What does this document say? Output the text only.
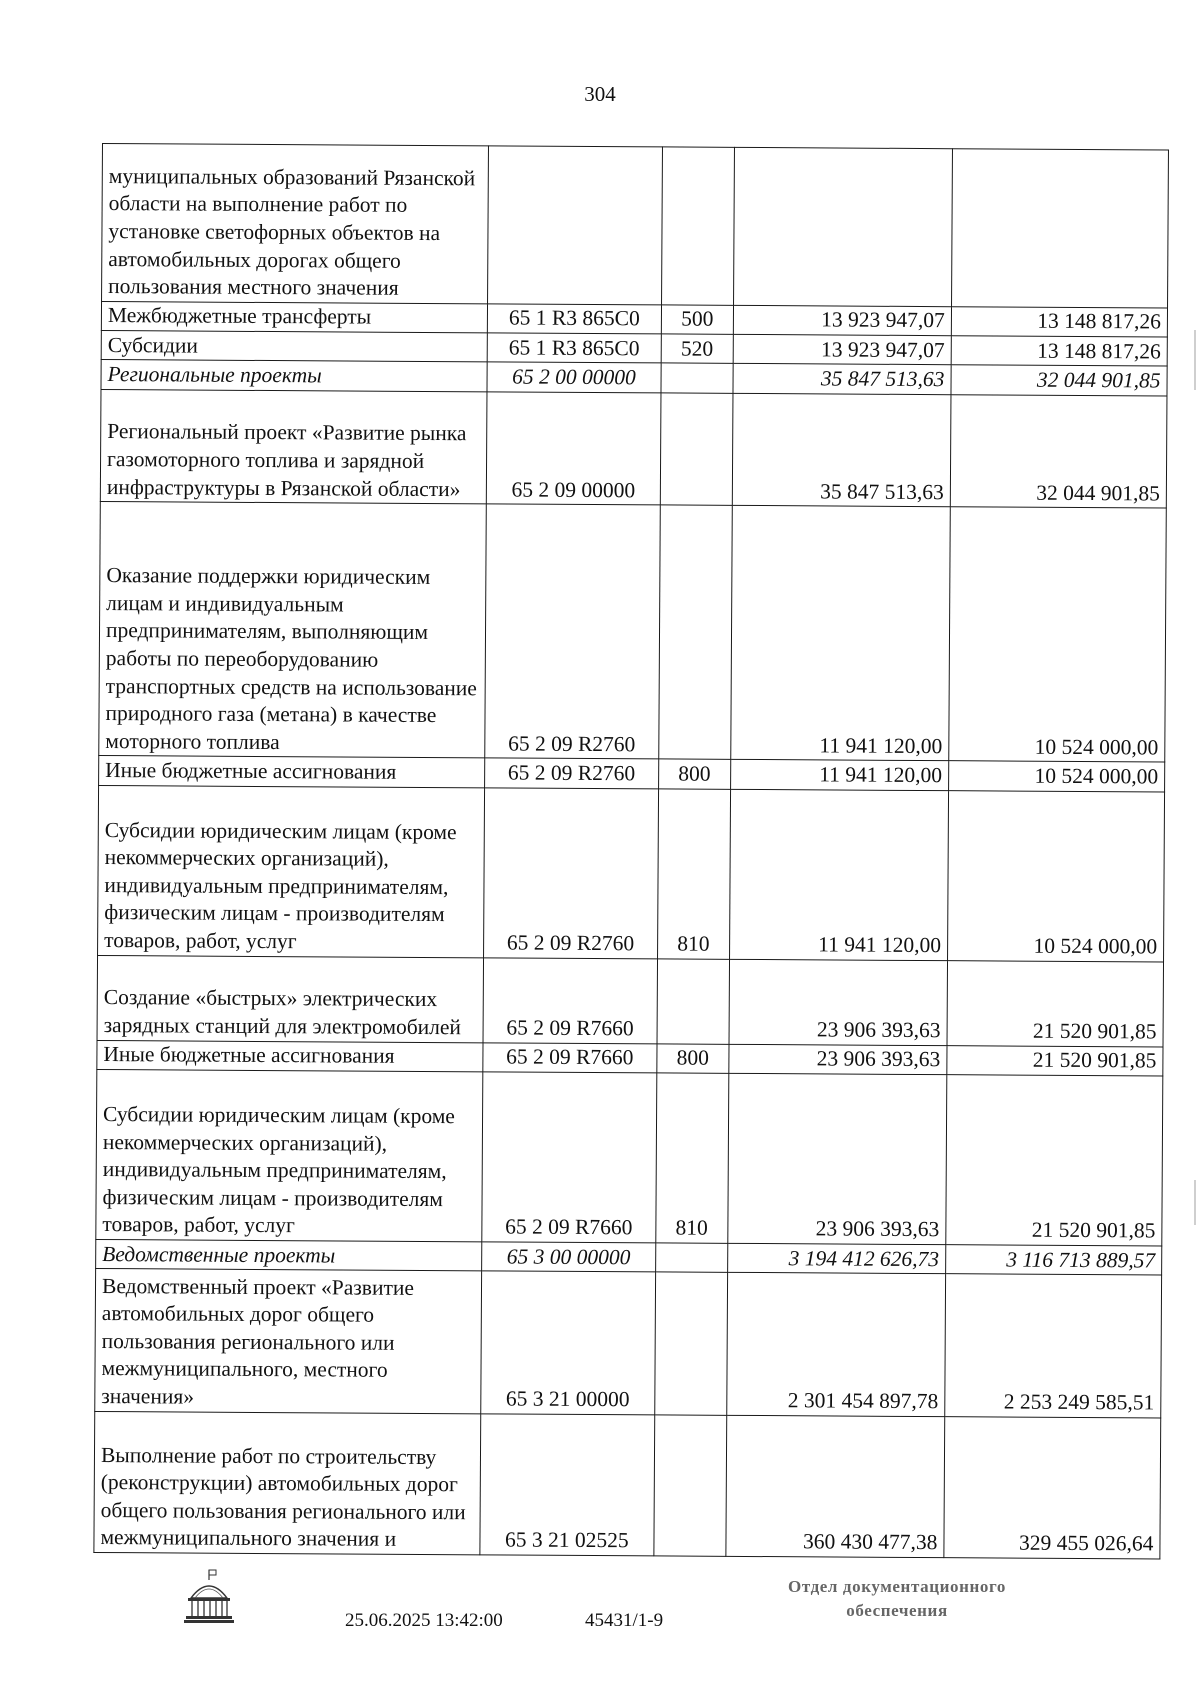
304
муниципальных образований Рязанской области на выполнение работ по установке светофорных объектов на автомобильных дорогах общего пользования местного значения				
Межбюджетные трансферты	65 1 R3 865C0	500	13 923 947,07	13 148 817,26
Субсидии	65 1 R3 865C0	520	13 923 947,07	13 148 817,26
Региональные проекты	65 2 00 00000		35 847 513,63	32 044 901,85
Региональный проект «Развитие рынка газомоторного топлива и зарядной инфраструктуры в Рязанской области»	65 2 09 00000		35 847 513,63	32 044 901,85
Оказание поддержки юридическим лицам и индивидуальным предпринимателям, выполняющим работы по переоборудованию транспортных средств на использование природного газа (метана) в качестве моторного топлива	65 2 09 R2760		11 941 120,00	10 524 000,00
Иные бюджетные ассигнования	65 2 09 R2760	800	11 941 120,00	10 524 000,00
Субсидии юридическим лицам (кроме некоммерческих организаций), индивидуальным предпринимателям, физическим лицам - производителям товаров, работ, услуг	65 2 09 R2760	810	11 941 120,00	10 524 000,00
Создание «быстрых» электрических зарядных станций для электромобилей	65 2 09 R7660		23 906 393,63	21 520 901,85
Иные бюджетные ассигнования	65 2 09 R7660	800	23 906 393,63	21 520 901,85
Субсидии юридическим лицам (кроме некоммерческих организаций), индивидуальным предпринимателям, физическим лицам - производителям товаров, работ, услуг	65 2 09 R7660	810	23 906 393,63	21 520 901,85
Ведомственные проекты	65 3 00 00000		3 194 412 626,73	3 116 713 889,57
Ведомственный проект «Развитие автомобильных дорог общего пользования регионального или межмуниципального, местного значения»	65 3 21 00000		2 301 454 897,78	2 253 249 585,51
Выполнение работ по строительству (реконструкции) автомобильных дорог общего пользования регионального или межмуниципального значения и	65 3 21 02525		360 430 477,38	329 455 026,64
25.06.2025 13:42:00	45431/1-9
Отдел документационного
обеспечения
